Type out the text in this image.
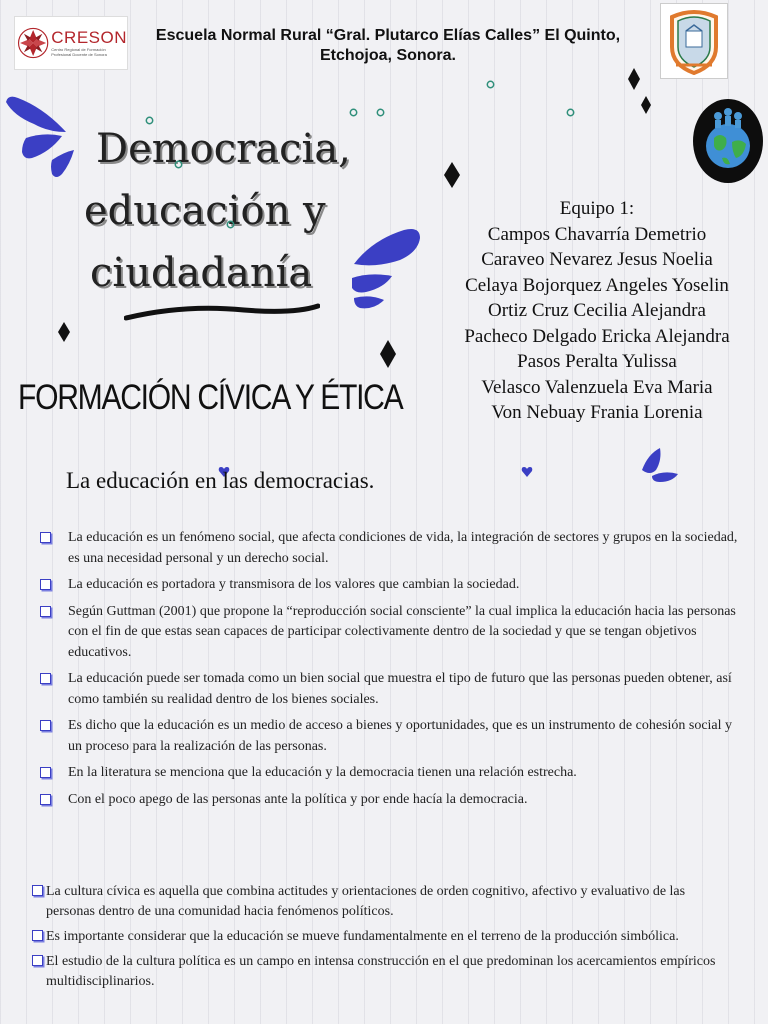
CRESON
Centro Regional de Formación Profesional Docente de Sonora
Escuela Normal Rural “Gral. Plutarco Elías Calles” El Quinto,
Etchojoa, Sonora.
Democracia,
educación y
ciudadanía
FORMACIÓN CÍVICA Y ÉTICA
Equipo 1:
Campos Chavarría Demetrio
Caraveo Nevarez Jesus Noelia
Celaya Bojorquez Angeles Yoselin
Ortiz Cruz Cecilia Alejandra
Pacheco Delgado Ericka Alejandra
Pasos Peralta Yulissa
Velasco Valenzuela Eva Maria
Von Nebuay Frania Lorenia
La educación en las democracias.
La educación es un fenómeno social, que afecta condiciones de vida, la integración de sectores y grupos en la sociedad, es una necesidad personal y un derecho social.
La educación es portadora y transmisora de los valores que cambian la sociedad.
Según Guttman (2001) que propone la “reproducción social consciente” la cual implica la educación hacia las personas con el fin de que estas sean capaces de participar colectivamente dentro de la sociedad y que se tengan objetivos educativos.
La educación puede ser tomada como un bien social que muestra el tipo de futuro que las personas pueden obtener, así como también su realidad dentro de los bienes sociales.
Es dicho que la educación es un medio de acceso a bienes y oportunidades, que es un instrumento de cohesión social y un proceso para la realización de las personas.
En la literatura se menciona que la educación y la democracia tienen una relación estrecha.
Con el poco apego de las personas ante la política y por ende hacía la democracia.
La cultura cívica es aquella que combina actitudes y orientaciones de orden cognitivo, afectivo y evaluativo de las personas dentro de una comunidad hacia fenómenos políticos.
Es importante considerar que la educación se mueve fundamentalmente en el terreno de la producción simbólica.
El estudio de la cultura política es un campo en intensa construcción en el que predominan los acercamientos empíricos multidisciplinarios.
